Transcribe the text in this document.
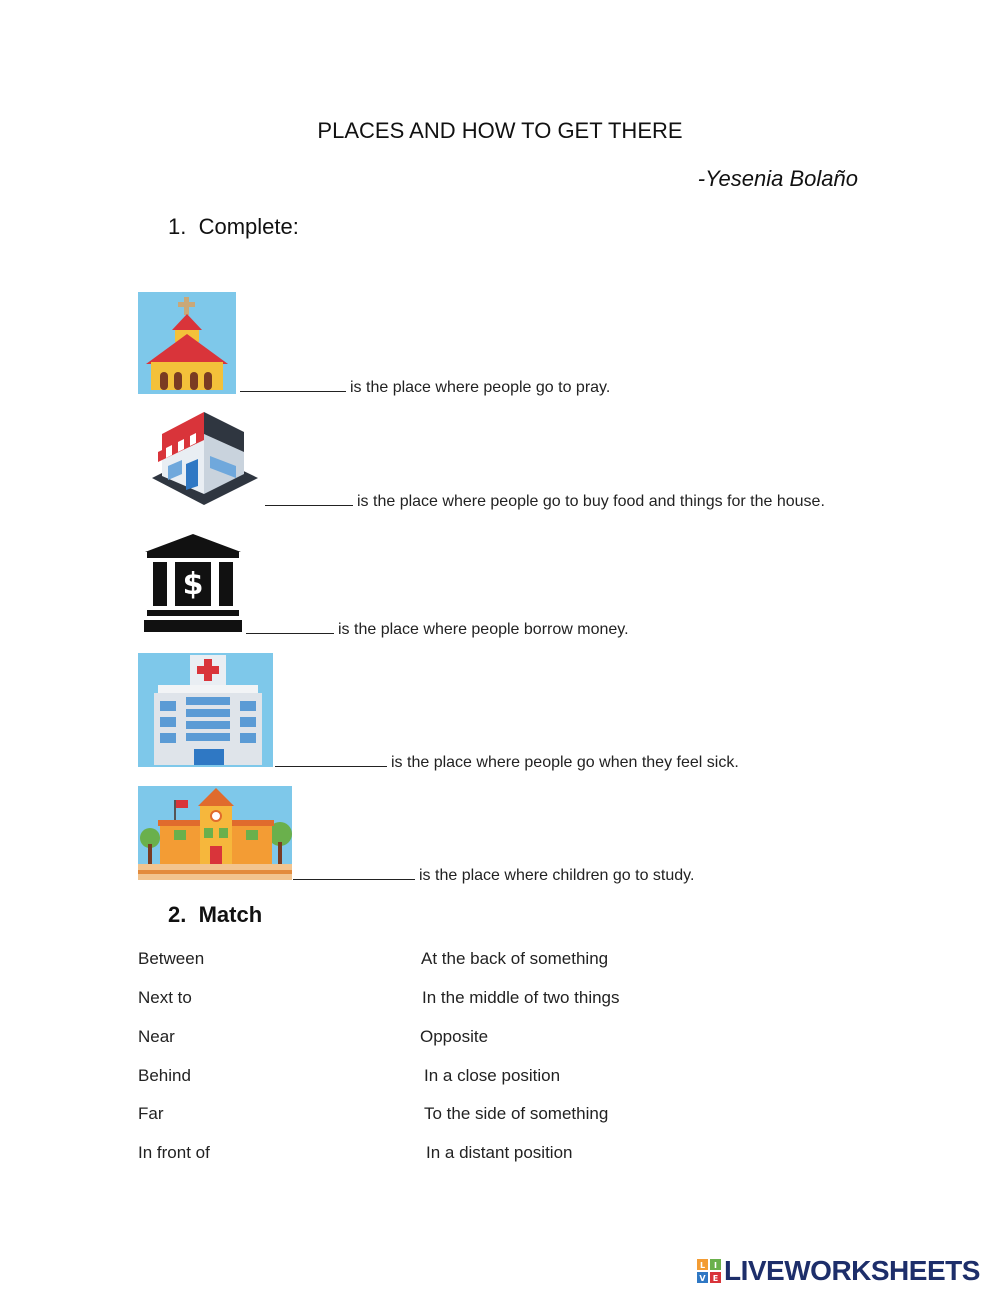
PLACES AND HOW TO GET THERE
-Yesenia Bolaño
1. Complete:
is the place where people go to pray.
is the place where people go to buy food and things for the house.
$
is the place where people borrow money.
is the place where people go when they feel sick.
is the place where children go to study.
2. Match
Between	At the back of something
Next to	In the middle of two things
Near	Opposite
Behind	In a close position
Far	To the side of something
In front of	In a distant position
L I
V E LIVEWORKSHEETS
